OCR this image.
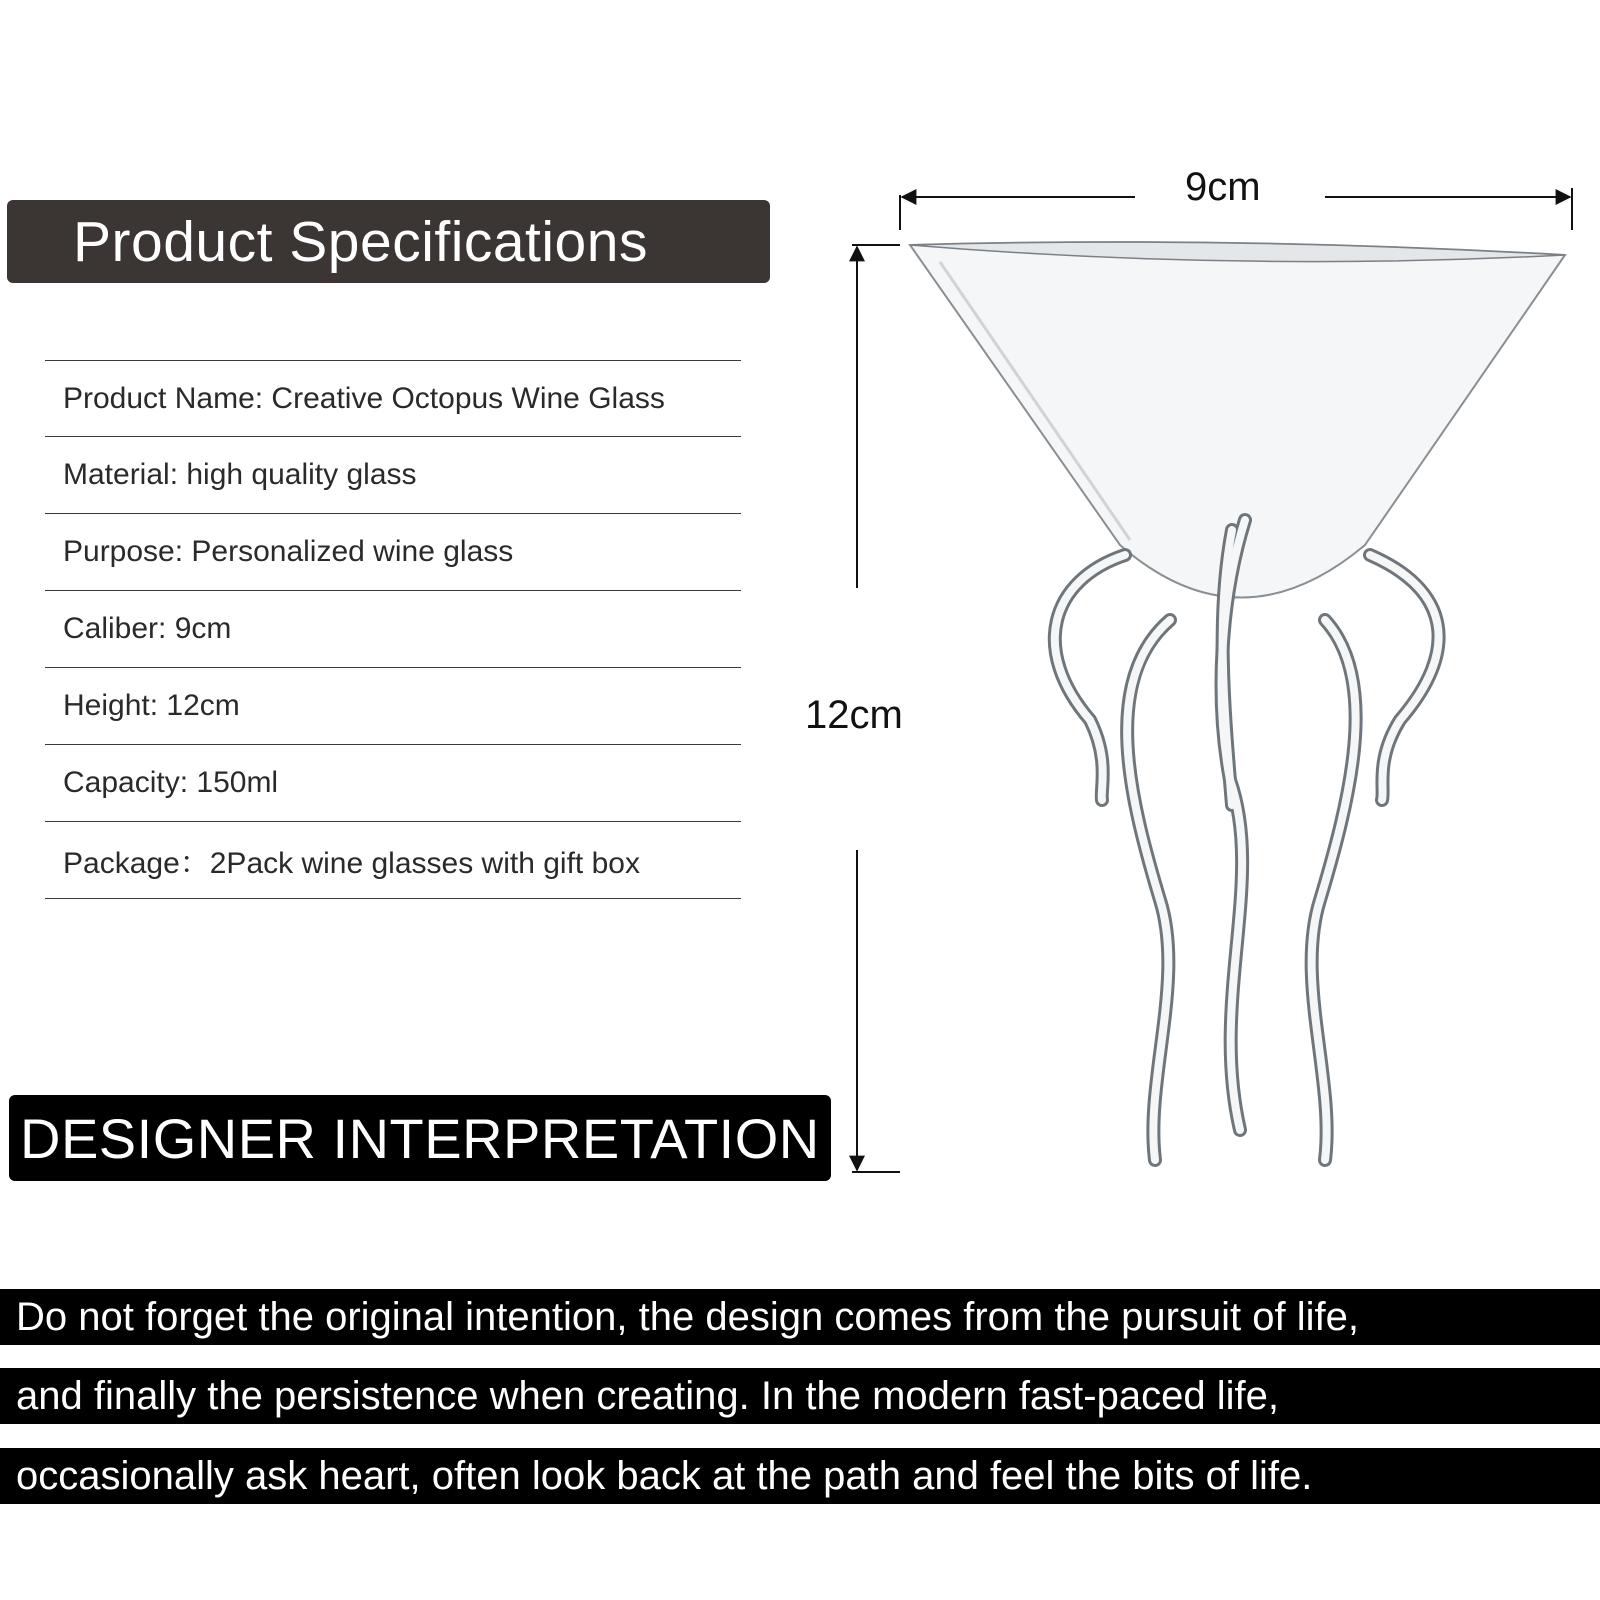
Product Specifications
Product Name: Creative Octopus Wine Glass
Material: high quality glass
Purpose: Personalized wine glass
Caliber: 9cm
Height: 12cm
Capacity: 150ml
Package：2Pack wine glasses with gift box
DESIGNER INTERPRETATION
9cm
12cm
Do not forget the original intention, the design comes from the pursuit of life,
and finally the persistence when creating. In the modern fast-paced life,
occasionally ask heart, often look back at the path and feel the bits of life.
